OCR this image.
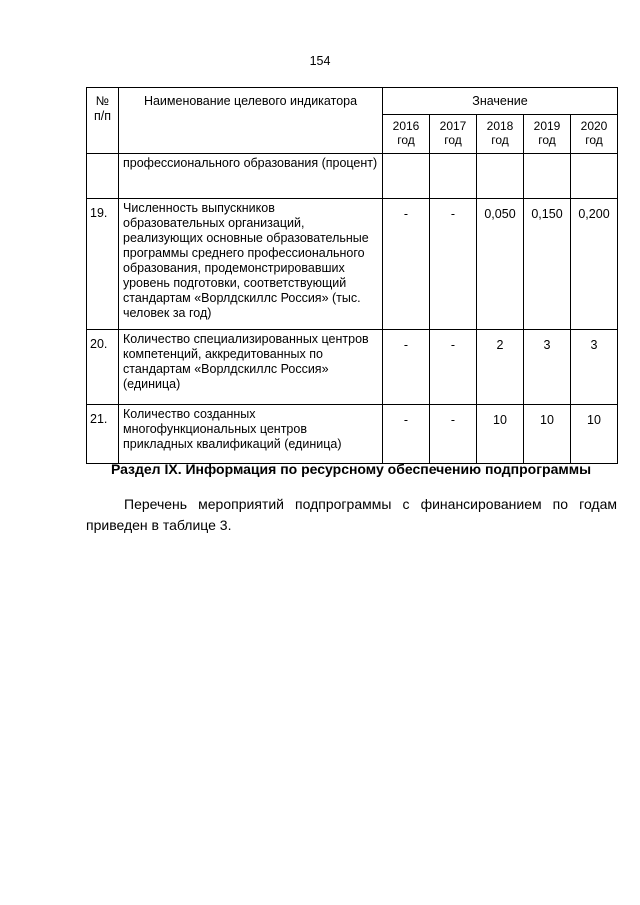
154
№ п/п	Наименование целевого индикатора	Значение				
		2016 год	2017 год	2018 год	2019 год	2020 год
	профессионального образования (процент)					
19.	Численность выпускников образовательных организаций, реализующих основные образовательные программы среднего профессионального образования, продемонстрировавших уровень подготовки, соответствующий стандартам «Ворлдскиллс Россия» (тыс. человек за год)	-	-	0,050	0,150	0,200
20.	Количество специализированных центров компетенций, аккредитованных по стандартам «Ворлдскиллс Россия» (единица)	-	-	2	3	3
21.	Количество созданных многофункциональных центров прикладных квалификаций (единица)	-	-	10	10	10
Раздел IX. Информация по ресурсному обеспечению подпрограммы

Перечень мероприятий подпрограммы с финансированием по годам приведен в таблице 3.
